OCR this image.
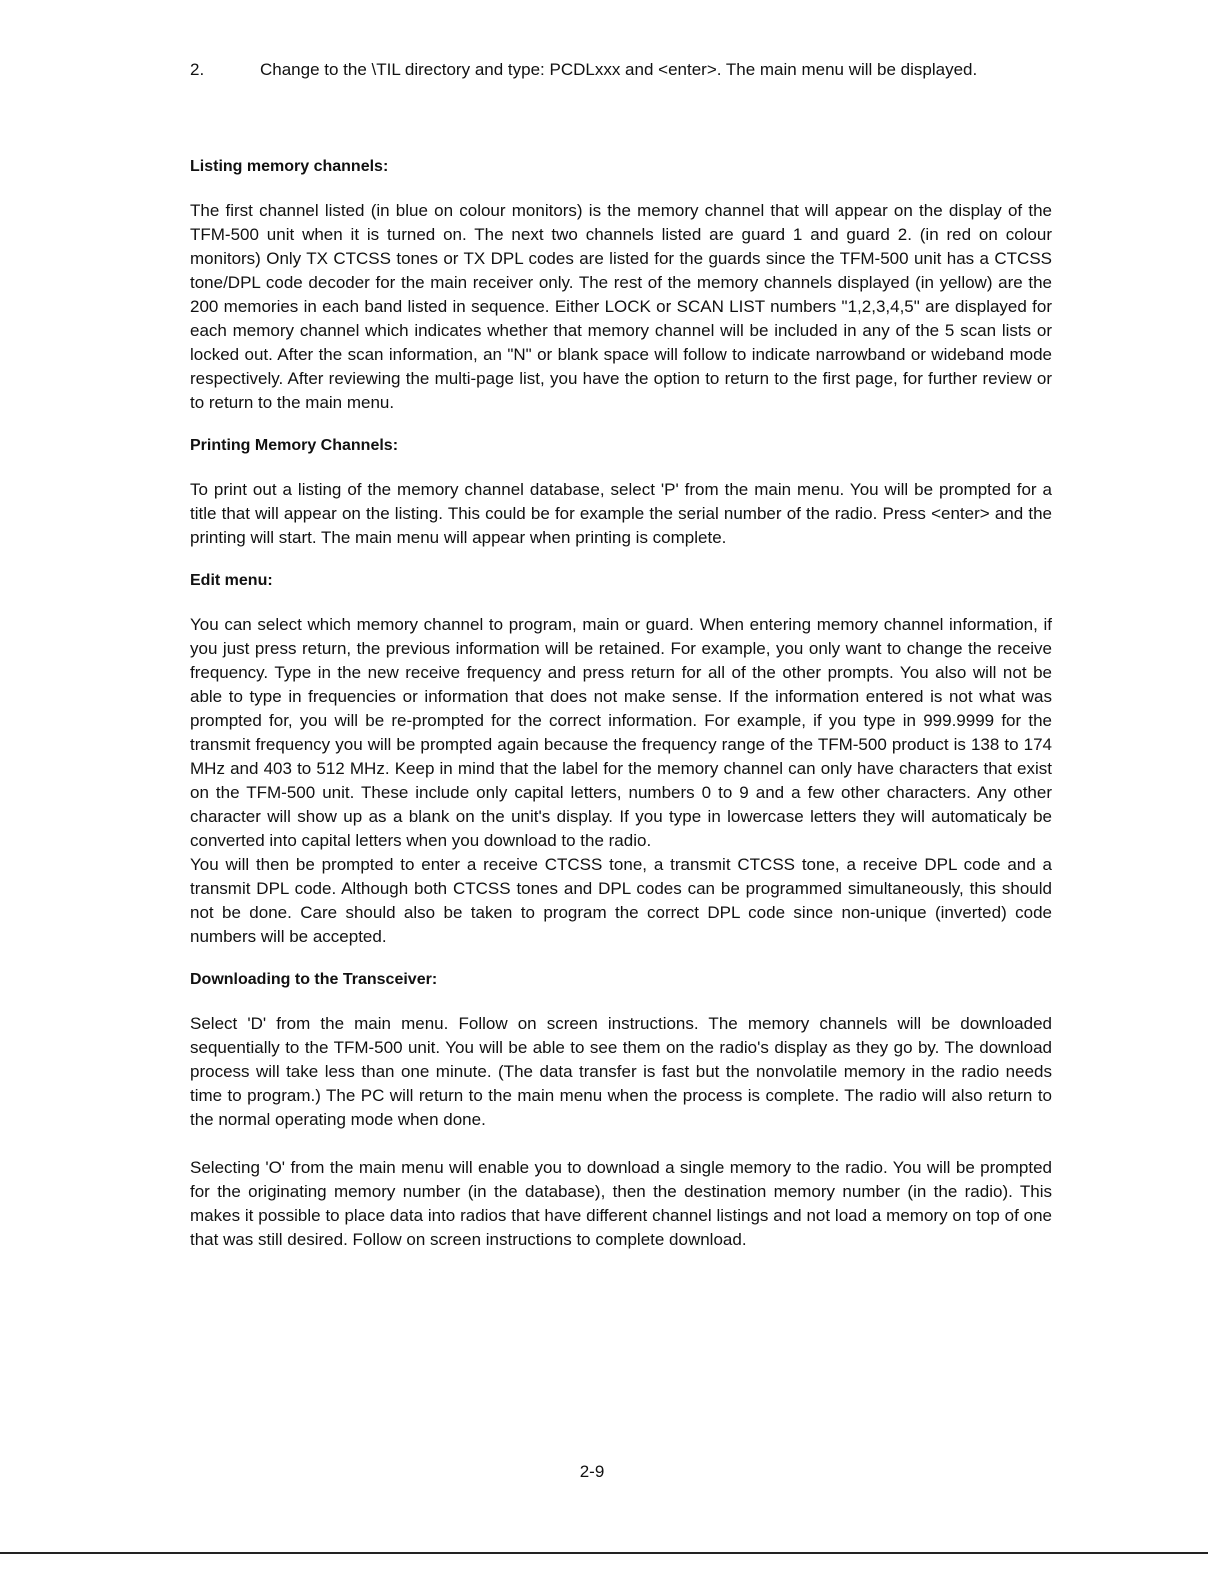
2.	Change to the \TIL directory and type: PCDLxxx and <enter>. The main menu will be displayed.
Listing memory channels:

The first channel listed (in blue on colour monitors) is the memory channel that will appear on the display of the TFM-500 unit when it is turned on. The next two channels listed are guard 1 and guard 2. (in red on colour monitors) Only TX CTCSS tones or TX DPL codes are listed for the guards since the TFM-500 unit has a CTCSS tone/DPL code decoder for the main receiver only. The rest of the memory channels displayed (in yellow) are the 200 memories in each band listed in sequence. Either LOCK or SCAN LIST numbers "1,2,3,4,5" are displayed for each memory channel which indicates whether that memory channel will be included in any of the 5 scan lists or locked out. After the scan information, an "N" or blank space will follow to indicate narrowband or wideband mode respectively. After reviewing the multi-page list, you have the option to return to the first page, for further review or to return to the main menu.

Printing Memory Channels:

To print out a listing of the memory channel database, select 'P' from the main menu. You will be prompted for a title that will appear on the listing. This could be for example the serial number of the radio. Press <enter> and the printing will start. The main menu will appear when printing is complete.

Edit menu:

You can select which memory channel to program, main or guard. When entering memory channel information, if you just press return, the previous information will be retained. For example, you only want to change the receive frequency. Type in the new receive frequency and press return for all of the other prompts. You also will not be able to type in frequencies or information that does not make sense. If the information entered is not what was prompted for, you will be re-prompted for the correct information. For example, if you type in 999.9999 for the transmit frequency you will be prompted again because the frequency range of the TFM-500 product is 138 to 174 MHz and 403 to 512 MHz. Keep in mind that the label for the memory channel can only have characters that exist on the TFM-500 unit. These include only capital letters, numbers 0 to 9 and a few other characters. Any other character will show up as a blank on the unit's display. If you type in lowercase letters they will automaticaly be converted into capital letters when you download to the radio.

You will then be prompted to enter a receive CTCSS tone, a transmit CTCSS tone, a receive DPL code and a transmit DPL code. Although both CTCSS tones and DPL codes can be programmed simultaneously, this should not be done. Care should also be taken to program the correct DPL code since non-unique (inverted) code numbers will be accepted.

Downloading to the Transceiver:

Select 'D' from the main menu. Follow on screen instructions. The memory channels will be downloaded sequentially to the TFM-500 unit. You will be able to see them on the radio's display as they go by. The download process will take less than one minute. (The data transfer is fast but the nonvolatile memory in the radio needs time to program.) The PC will return to the main menu when the process is complete. The radio will also return to the normal operating mode when done.

Selecting 'O' from the main menu will enable you to download a single memory to the radio. You will be prompted for the originating memory number (in the database), then the destination memory number (in the radio). This makes it possible to place data into radios that have different channel listings and not load a memory on top of one that was still desired. Follow on screen instructions to complete download.

2-9
